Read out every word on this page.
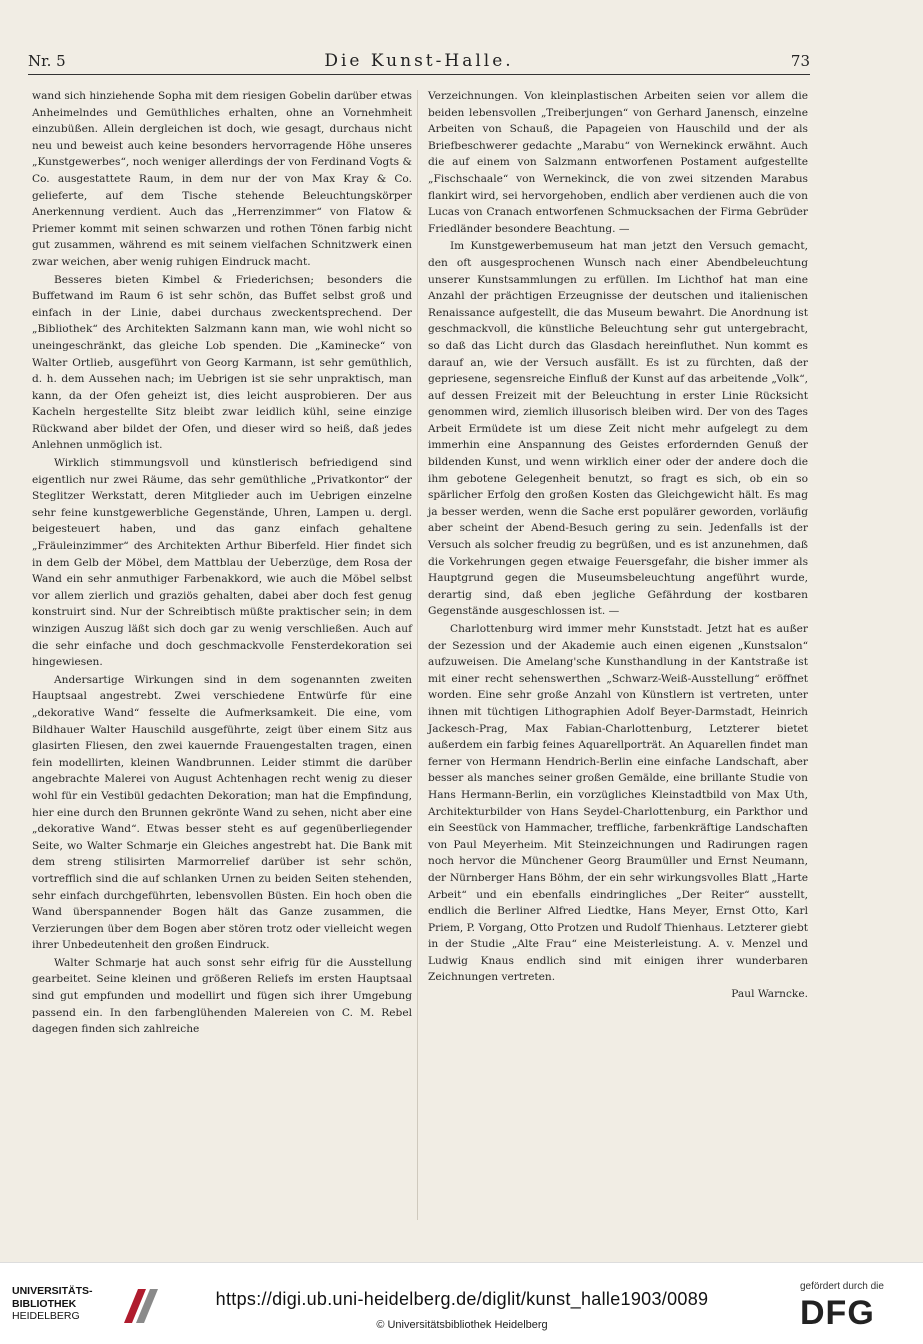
Nr. 5	Die Kunst-Halle.	73

wand sich hinziehende Sopha mit dem riesigen Gobelin darüber etwas Anheimelndes und Gemüthliches erhalten, ohne an Vornehmheit einzubüßen. Allein dergleichen ist doch, wie gesagt, durchaus nicht neu und beweist auch keine besonders hervorragende Höhe unseres „Kunstgewerbes“, noch weniger allerdings der von Ferdinand Vogts & Co. ausgestattete Raum, in dem nur der von Max Kray & Co. gelieferte, auf dem Tische stehende Beleuchtungskörper Anerkennung verdient. Auch das „Herrenzimmer“ von Flatow & Priemer kommt mit seinen schwarzen und rothen Tönen farbig nicht gut zusammen, während es mit seinem vielfachen Schnitzwerk einen zwar weichen, aber wenig ruhigen Eindruck macht.

Besseres bieten Kimbel & Friederichsen; besonders die Buffetwand im Raum 6 ist sehr schön, das Buffet selbst groß und einfach in der Linie, dabei durchaus zweckentsprechend. Der „Bibliothek“ des Architekten Salzmann kann man, wie wohl nicht so uneingeschränkt, das gleiche Lob spenden. Die „Kaminecke“ von Walter Ortlieb, ausgeführt von Georg Karmann, ist sehr gemüthlich, d. h. dem Aussehen nach; im Uebrigen ist sie sehr unpraktisch, man kann, da der Ofen geheizt ist, dies leicht ausprobieren. Der aus Kacheln hergestellte Sitz bleibt zwar leidlich kühl, seine einzige Rückwand aber bildet der Ofen, und dieser wird so heiß, daß jedes Anlehnen unmöglich ist.

Wirklich stimmungsvoll und künstlerisch befriedigend sind eigentlich nur zwei Räume, das sehr gemüthliche „Privatkontor“ der Steglitzer Werkstatt, deren Mitglieder auch im Uebrigen einzelne sehr feine kunstgewerbliche Gegenstände, Uhren, Lampen u. dergl. beigesteuert haben, und das ganz einfach gehaltene „Fräuleinzimmer“ des Architekten Arthur Biberfeld. Hier findet sich in dem Gelb der Möbel, dem Mattblau der Ueberzüge, dem Rosa der Wand ein sehr anmuthiger Farbenakkord, wie auch die Möbel selbst vor allem zierlich und graziös gehalten, dabei aber doch fest genug konstruirt sind. Nur der Schreibtisch müßte praktischer sein; in dem winzigen Auszug läßt sich doch gar zu wenig verschließen. Auch auf die sehr einfache und doch geschmackvolle Fensterdekoration sei hingewiesen.

Andersartige Wirkungen sind in dem sogenannten zweiten Hauptsaal angestrebt. Zwei verschiedene Entwürfe für eine „dekorative Wand“ fesselte die Aufmerksamkeit. Die eine, vom Bildhauer Walter Hauschild ausgeführte, zeigt über einem Sitz aus glasirten Fliesen, den zwei kauernde Frauengestalten tragen, einen fein modellirten, kleinen Wandbrunnen. Leider stimmt die darüber angebrachte Malerei von August Achtenhagen recht wenig zu dieser wohl für ein Vestibül gedachten Dekoration; man hat die Empfindung, hier eine durch den Brunnen gekrönte Wand zu sehen, nicht aber eine „dekorative Wand“. Etwas besser steht es auf gegenüberliegender Seite, wo Walter Schmarje ein Gleiches angestrebt hat. Die Bank mit dem streng stilisirten Marmorrelief darüber ist sehr schön, vortrefflich sind die auf schlanken Urnen zu beiden Seiten stehenden, sehr einfach durchgeführten, lebensvollen Büsten. Ein hoch oben die Wand überspannender Bogen hält das Ganze zusammen, die Verzierungen über dem Bogen aber stören trotz oder vielleicht wegen ihrer Unbedeutenheit den großen Eindruck.

Walter Schmarje hat auch sonst sehr eifrig für die Ausstellung gearbeitet. Seine kleinen und größeren Reliefs im ersten Hauptsaal sind gut empfunden und modellirt und fügen sich ihrer Umgebung passend ein. In den farbenglühenden Malereien von C. M. Rebel dagegen finden sich zahlreiche

Verzeichnungen. Von kleinplastischen Arbeiten seien vor allem die beiden lebensvollen „Treiberjungen“ von Gerhard Janensch, einzelne Arbeiten von Schauß, die Papageien von Hauschild und der als Briefbeschwerer gedachte „Marabu“ von Wernekinck erwähnt. Auch die auf einem von Salzmann entworfenen Postament aufgestellte „Fischschaale“ von Wernekinck, die von zwei sitzenden Marabus flankirt wird, sei hervorgehoben, endlich aber verdienen auch die von Lucas von Cranach entworfenen Schmucksachen der Firma Gebrüder Friedländer besondere Beachtung. —

Im Kunstgewerbemuseum hat man jetzt den Versuch gemacht, den oft ausgesprochenen Wunsch nach einer Abendbeleuchtung unserer Kunstsammlungen zu erfüllen. Im Lichthof hat man eine Anzahl der prächtigen Erzeugnisse der deutschen und italienischen Renaissance aufgestellt, die das Museum bewahrt. Die Anordnung ist geschmackvoll, die künstliche Beleuchtung sehr gut untergebracht, so daß das Licht durch das Glasdach hereinfluthet. Nun kommt es darauf an, wie der Versuch ausfällt. Es ist zu fürchten, daß der gepriesene, segensreiche Einfluß der Kunst auf das arbeitende „Volk“, auf dessen Freizeit mit der Beleuchtung in erster Linie Rücksicht genommen wird, ziemlich illusorisch bleiben wird. Der von des Tages Arbeit Ermüdete ist um diese Zeit nicht mehr aufgelegt zu dem immerhin eine Anspannung des Geistes erfordernden Genuß der bildenden Kunst, und wenn wirklich einer oder der andere doch die ihm gebotene Gelegenheit benutzt, so fragt es sich, ob ein so spärlicher Erfolg den großen Kosten das Gleichgewicht hält. Es mag ja besser werden, wenn die Sache erst populärer geworden, vorläufig aber scheint der Abend-Besuch gering zu sein. Jedenfalls ist der Versuch als solcher freudig zu begrüßen, und es ist anzunehmen, daß die Vorkehrungen gegen etwaige Feuersgefahr, die bisher immer als Hauptgrund gegen die Museumsbeleuchtung angeführt wurde, derartig sind, daß eben jegliche Gefährdung der kostbaren Gegenstände ausgeschlossen ist. —

Charlottenburg wird immer mehr Kunststadt. Jetzt hat es außer der Sezession und der Akademie auch einen eigenen „Kunstsalon“ aufzuweisen. Die Amelang'sche Kunsthandlung in der Kantstraße ist mit einer recht sehenswerthen „Schwarz-Weiß-Ausstellung“ eröffnet worden. Eine sehr große Anzahl von Künstlern ist vertreten, unter ihnen mit tüchtigen Lithographien Adolf Beyer-Darmstadt, Heinrich Jackesch-Prag, Max Fabian-Charlottenburg, Letzterer bietet außerdem ein farbig feines Aquarellporträt. An Aquarellen findet man ferner von Hermann Hendrich-Berlin eine einfache Landschaft, aber besser als manches seiner großen Gemälde, eine brillante Studie von Hans Hermann-Berlin, ein vorzügliches Kleinstadtbild von Max Uth, Architekturbilder von Hans Seydel-Charlottenburg, ein Parkthor und ein Seestück von Hammacher, treffliche, farbenkräftige Landschaften von Paul Meyerheim. Mit Steinzeichnungen und Radirungen ragen noch hervor die Münchener Georg Braumüller und Ernst Neumann, der Nürnberger Hans Böhm, der ein sehr wirkungsvolles Blatt „Harte Arbeit“ und ein ebenfalls eindringliches „Der Reiter“ ausstellt, endlich die Berliner Alfred Liedtke, Hans Meyer, Ernst Otto, Karl Priem, P. Vorgang, Otto Protzen und Rudolf Thienhaus. Letzterer giebt in der Studie „Alte Frau“ eine Meisterleistung. A. v. Menzel und Ludwig Knaus endlich sind mit einigen ihrer wunderbaren Zeichnungen vertreten.

Paul Warncke.
UNIVERSITÄTS-
BIBLIOTHEK
HEIDELBERG
https://digi.ub.uni-heidelberg.de/diglit/kunst_halle1903/0089
© Universitätsbibliothek Heidelberg
gefördert durch die
DFG
